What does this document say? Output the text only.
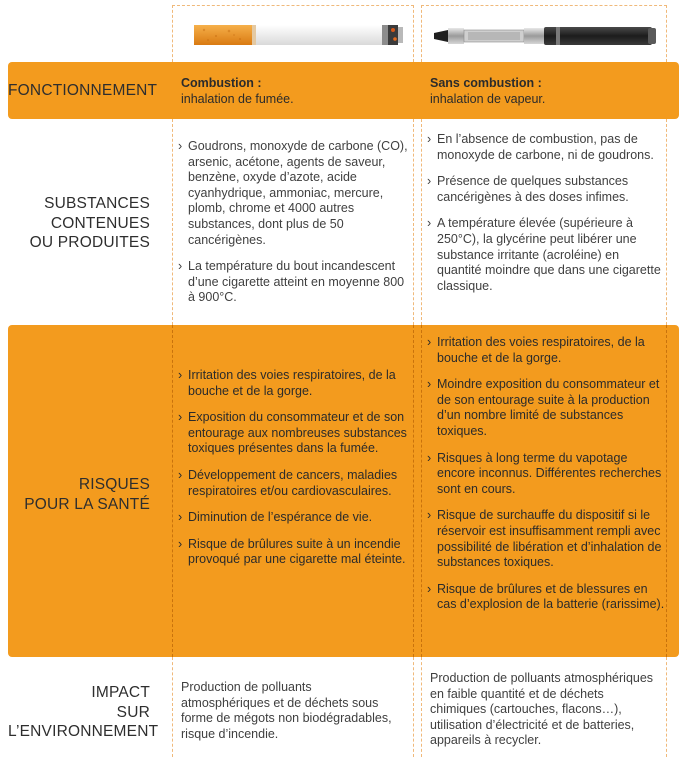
FONCTIONNEMENT Combustion :
inhalation de fumée.
Sans combustion :
inhalation de vapeur.
SUBSTANCES
CONTENUES
OU PRODUITES
› Goudrons, monoxyde de carbone (CO), arsenic, acétone, agents de saveur, benzène, oxyde d’azote, acide cyanhydrique, ammoniac, mercure, plomb, chrome et 4000 autres substances, dont plus de 50 cancérigènes.
› La température du bout incandescent d’une cigarette atteint en moyenne 800 à 900°C.
› En l’absence de combustion, pas de monoxyde de carbone, ni de goudrons.
› Présence de quelques substances cancérigènes à des doses infimes.
› A température élevée (supérieure à 250°C), la glycérine peut libérer une substance irritante (acroléine) en quantité moindre que dans une cigarette classique.
RISQUES
POUR LA SANTÉ
› Irritation des voies respiratoires, de la bouche et de la gorge.
› Exposition du consommateur et de son entourage aux nombreuses substances toxiques présentes dans la fumée.
› Développement de cancers, maladies respiratoires et/ou cardiovasculaires.
› Diminution de l’espérance de vie.
› Risque de brûlures suite à un incendie provoqué par une cigarette mal éteinte.
› Irritation des voies respiratoires, de la bouche et de la gorge.
› Moindre exposition du consommateur et de son entourage suite à la production d’un nombre limité de substances toxiques.
› Risques à long terme du vapotage encore inconnus. Différentes recherches sont en cours.
› Risque de surchauffe du dispositif si le réservoir est insuffisamment rempli avec possibilité de libération et d’inhalation de substances toxiques.
› Risque de brûlures et de blessures en cas d’explosion de la batterie (rarissime).
IMPACT
SUR
L’ENVIRONNEMENT
Production de polluants atmosphériques et de déchets sous forme de mégots non biodégradables, risque d’incendie.
Production de polluants atmosphériques en faible quantité et de déchets chimiques (cartouches, flacons…), utilisation d’électricité et de batteries, appareils à recycler.
